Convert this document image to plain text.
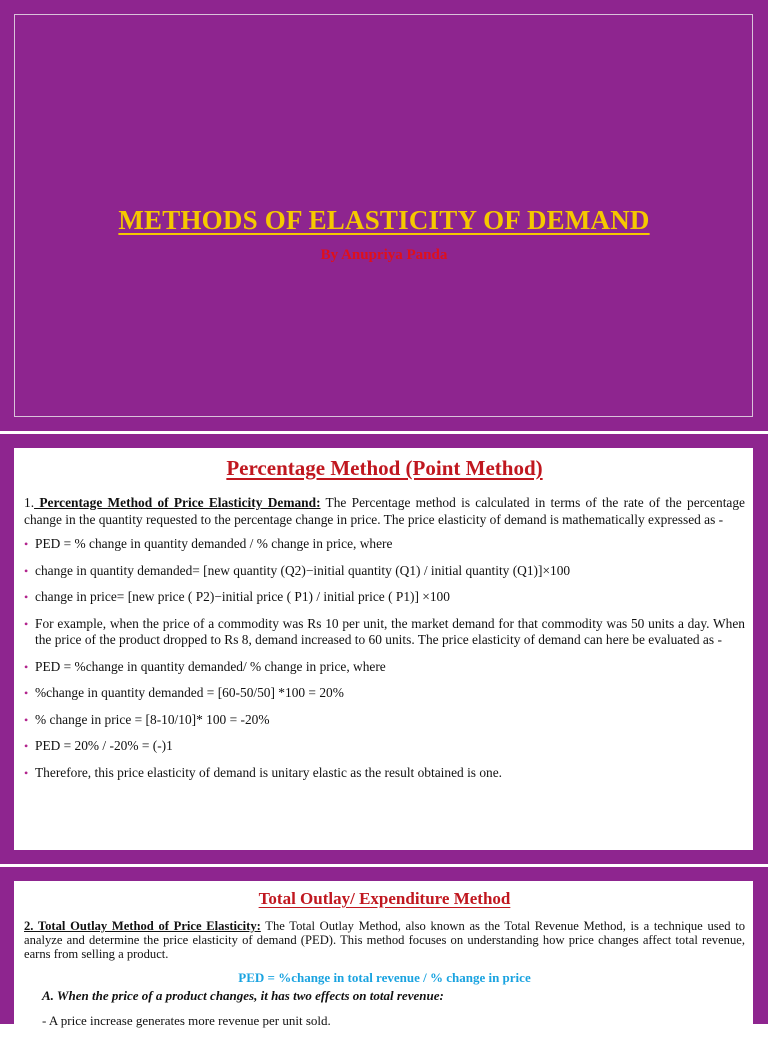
METHODS OF ELASTICITY OF DEMAND

By Anupriya Panda

Percentage Method (Point Method)

1. Percentage Method of Price Elasticity Demand: The Percentage method is calculated in terms of the rate of the percentage change in the quantity requested to the percentage change in price. The price elasticity of demand is mathematically expressed as -

• PED = % change in quantity demanded / % change in price, where
• change in quantity demanded= [new quantity (Q2)−initial quantity (Q1) / initial quantity (Q1)]×100
• change in price= [new price ( P2)−initial price ( P1) / initial price ( P1)] ×100
• For example, when the price of a commodity was Rs 10 per unit, the market demand for that commodity was 50 units a day. When the price of the product dropped to Rs 8, demand increased to 60 units. The price elasticity of demand can here be evaluated as -
• PED = %change in quantity demanded/ % change in price, where
• %change in quantity demanded = [60-50/50] *100 = 20%
• % change in price = [8-10/10]* 100 = -20%
• PED = 20% / -20% = (-)1
• Therefore, this price elasticity of demand is unitary elastic as the result obtained is one.
Total Outlay/ Expenditure Method

2. Total Outlay Method of Price Elasticity: The Total Outlay Method, also known as the Total Revenue Method, is a technique used to analyze and determine the price elasticity of demand (PED). This method focuses on understanding how price changes affect total revenue, earns from selling a product.

PED = %change in total revenue / % change in price

A. When the price of a product changes, it has two effects on total revenue:

- A price increase generates more revenue per unit sold.
